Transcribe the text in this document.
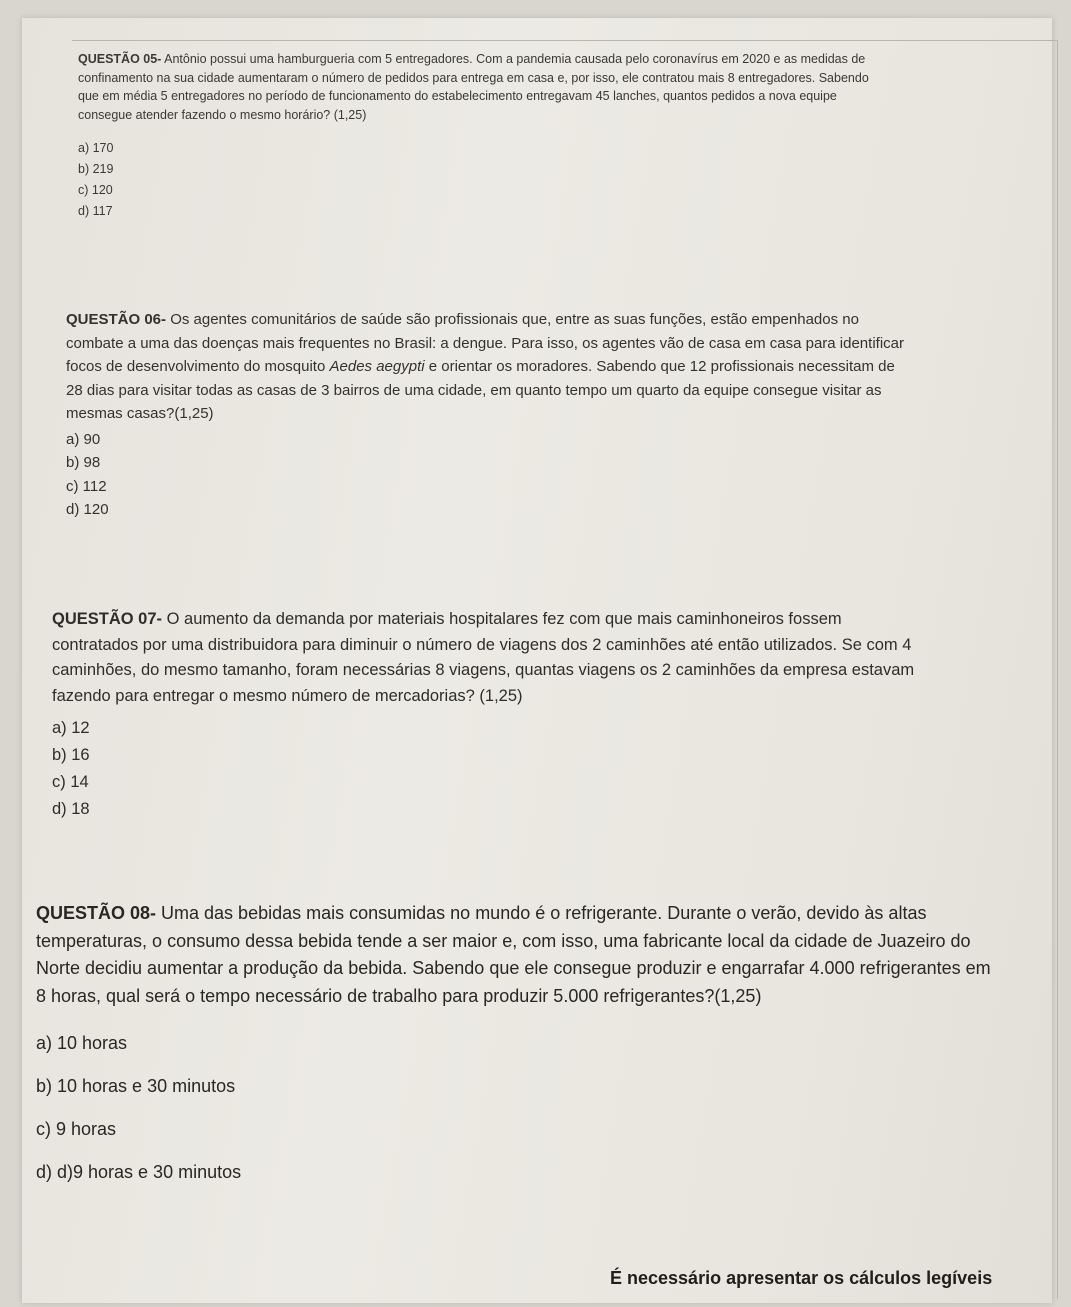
QUESTÃO 05- Antônio possui uma hamburgueria com 5 entregadores. Com a pandemia causada pelo coronavírus em 2020 e as medidas de confinamento na sua cidade aumentaram o número de pedidos para entrega em casa e, por isso, ele contratou mais 8 entregadores. Sabendo que em média 5 entregadores no período de funcionamento do estabelecimento entregavam 45 lanches, quantos pedidos a nova equipe consegue atender fazendo o mesmo horário? (1,25)

a) 170
b) 219
c) 120
d) 117

QUESTÃO 06- Os agentes comunitários de saúde são profissionais que, entre as suas funções, estão empenhados no combate a uma das doenças mais frequentes no Brasil: a dengue. Para isso, os agentes vão de casa em casa para identificar focos de desenvolvimento do mosquito Aedes aegypti e orientar os moradores. Sabendo que 12 profissionais necessitam de 28 dias para visitar todas as casas de 3 bairros de uma cidade, em quanto tempo um quarto da equipe consegue visitar as mesmas casas?(1,25)

a) 90
b) 98
c) 112
d) 120

QUESTÃO 07- O aumento da demanda por materiais hospitalares fez com que mais caminhoneiros fossem contratados por uma distribuidora para diminuir o número de viagens dos 2 caminhões até então utilizados. Se com 4 caminhões, do mesmo tamanho, foram necessárias 8 viagens, quantas viagens os 2 caminhões da empresa estavam fazendo para entregar o mesmo número de mercadorias? (1,25)

a) 12
b) 16
c) 14
d) 18

QUESTÃO 08- Uma das bebidas mais consumidas no mundo é o refrigerante. Durante o verão, devido às altas temperaturas, o consumo dessa bebida tende a ser maior e, com isso, uma fabricante local da cidade de Juazeiro do Norte decidiu aumentar a produção da bebida. Sabendo que ele consegue produzir e engarrafar 4.000 refrigerantes em 8 horas, qual será o tempo necessário de trabalho para produzir 5.000 refrigerantes?(1,25)

a) 10 horas
b) 10 horas e 30 minutos
c) 9 horas
d) d)9 horas e 30 minutos
É necessário apresentar os cálculos legíveis
